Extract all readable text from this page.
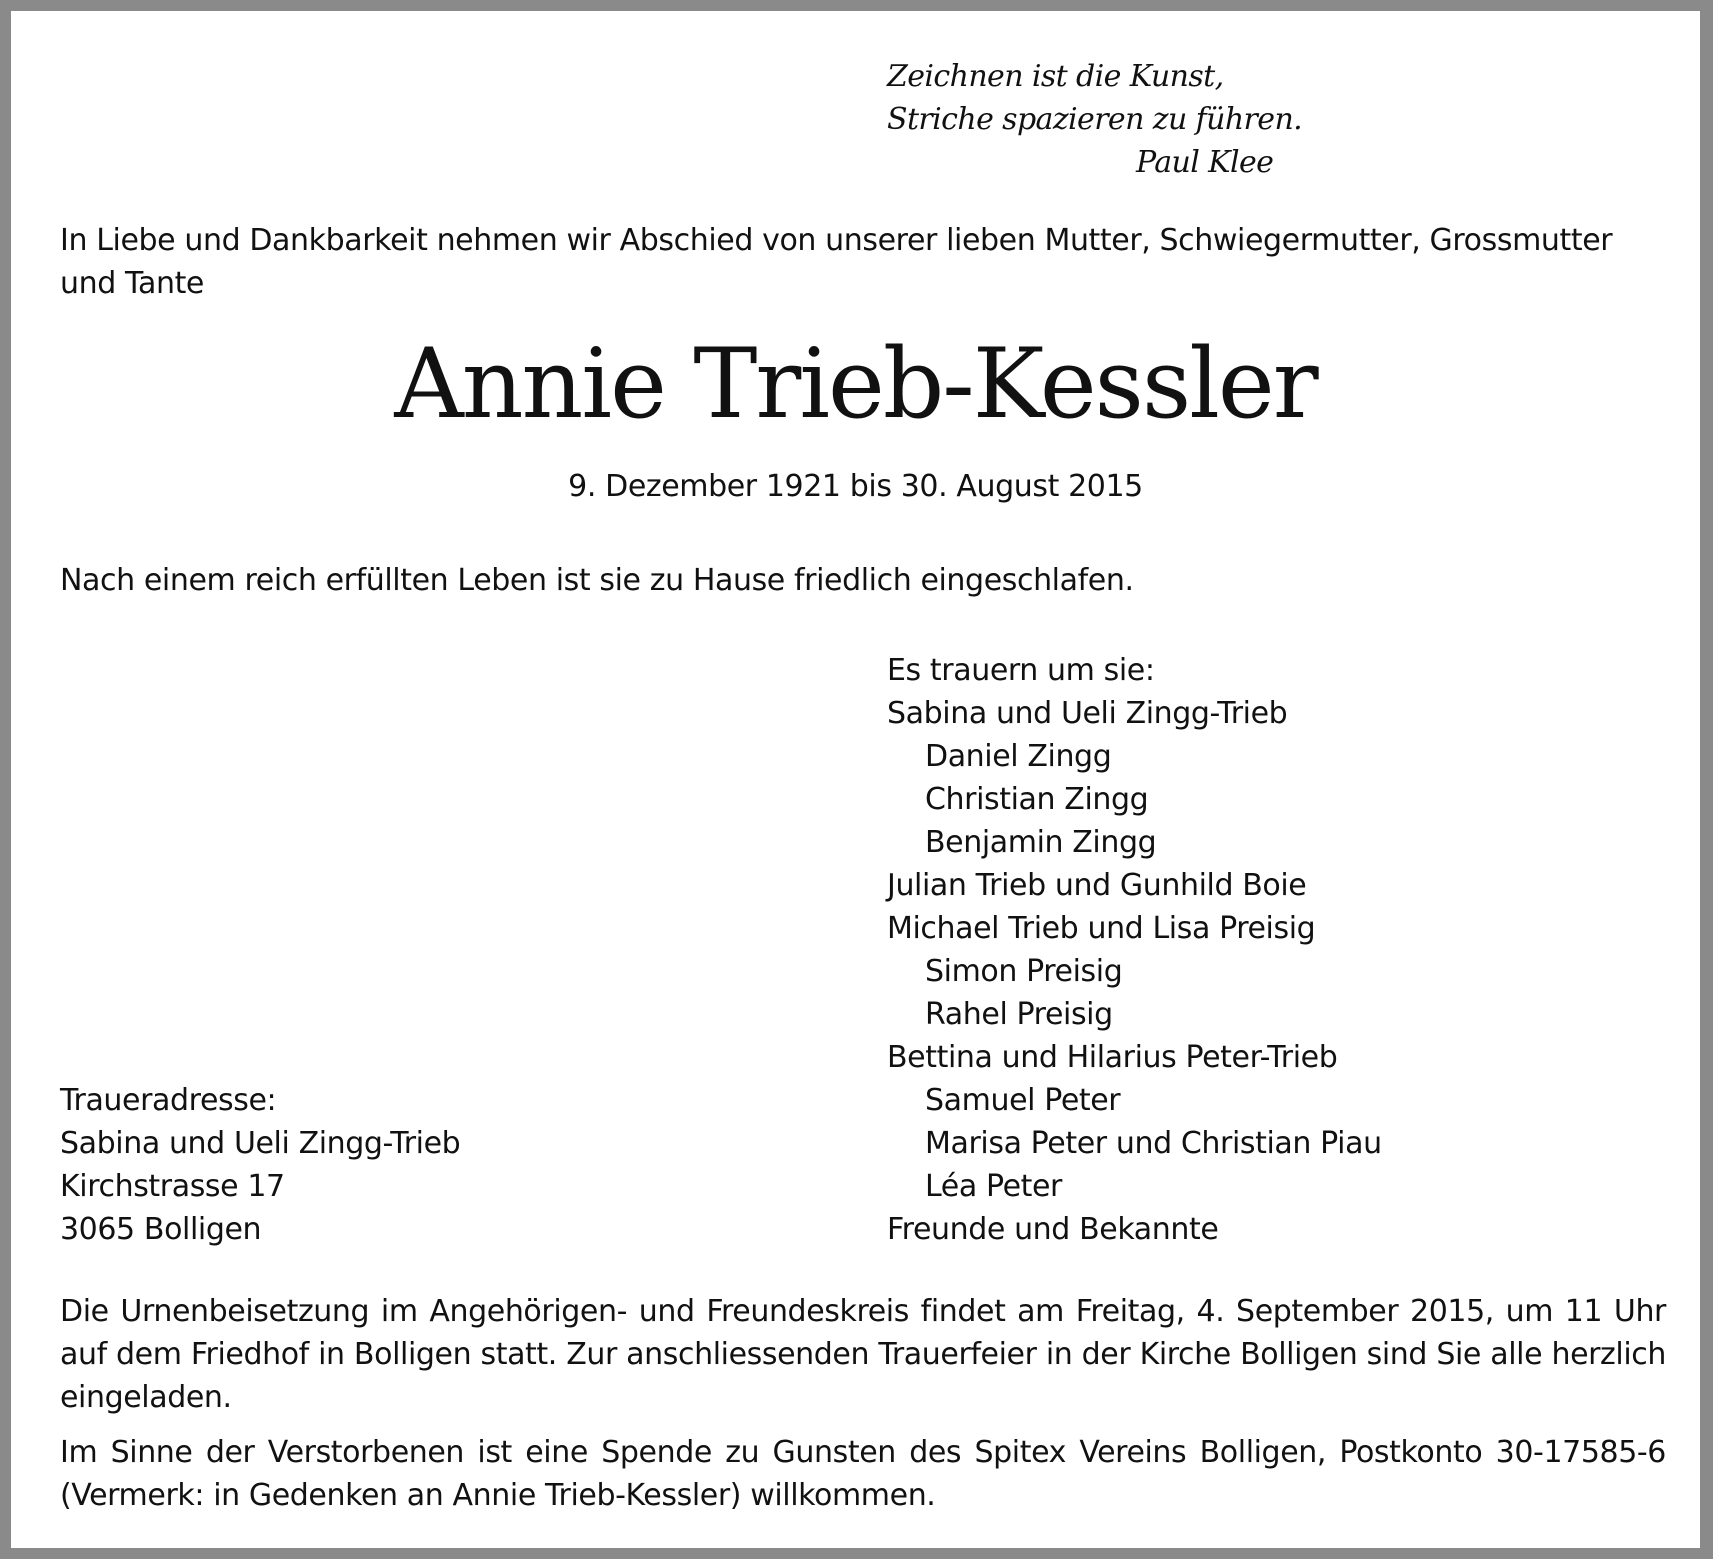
Zeichnen ist die Kunst,
Striche spazieren zu führen.
Paul Klee
In Liebe und Dankbarkeit nehmen wir Abschied von unserer lieben Mutter, Schwiegermutter, Grossmutter und Tante
Annie Trieb-Kessler
9. Dezember 1921 bis 30. August 2015
Nach einem reich erfüllten Leben ist sie zu Hause friedlich eingeschlafen.
Es trauern um sie:
Sabina und Ueli Zingg-Trieb
Daniel Zingg
Christian Zingg
Benjamin Zingg
Julian Trieb und Gunhild Boie
Michael Trieb und Lisa Preisig
Simon Preisig
Rahel Preisig
Bettina und Hilarius Peter-Trieb
Samuel Peter
Marisa Peter und Christian Piau
Léa Peter
Freunde und Bekannte
Traueradresse:
Sabina und Ueli Zingg-Trieb
Kirchstrasse 17
3065 Bolligen
Die Urnenbeisetzung im Angehörigen- und Freundeskreis findet am Freitag, 4. September 2015, um 11 Uhr auf dem Friedhof in Bolligen statt. Zur anschliessenden Trauerfeier in der Kirche Bolligen sind Sie alle herzlich eingeladen.
Im Sinne der Verstorbenen ist eine Spende zu Gunsten des Spitex Vereins Bolligen, Postkonto 30-17585-6 (Vermerk: in Gedenken an Annie Trieb-Kessler) willkommen.
